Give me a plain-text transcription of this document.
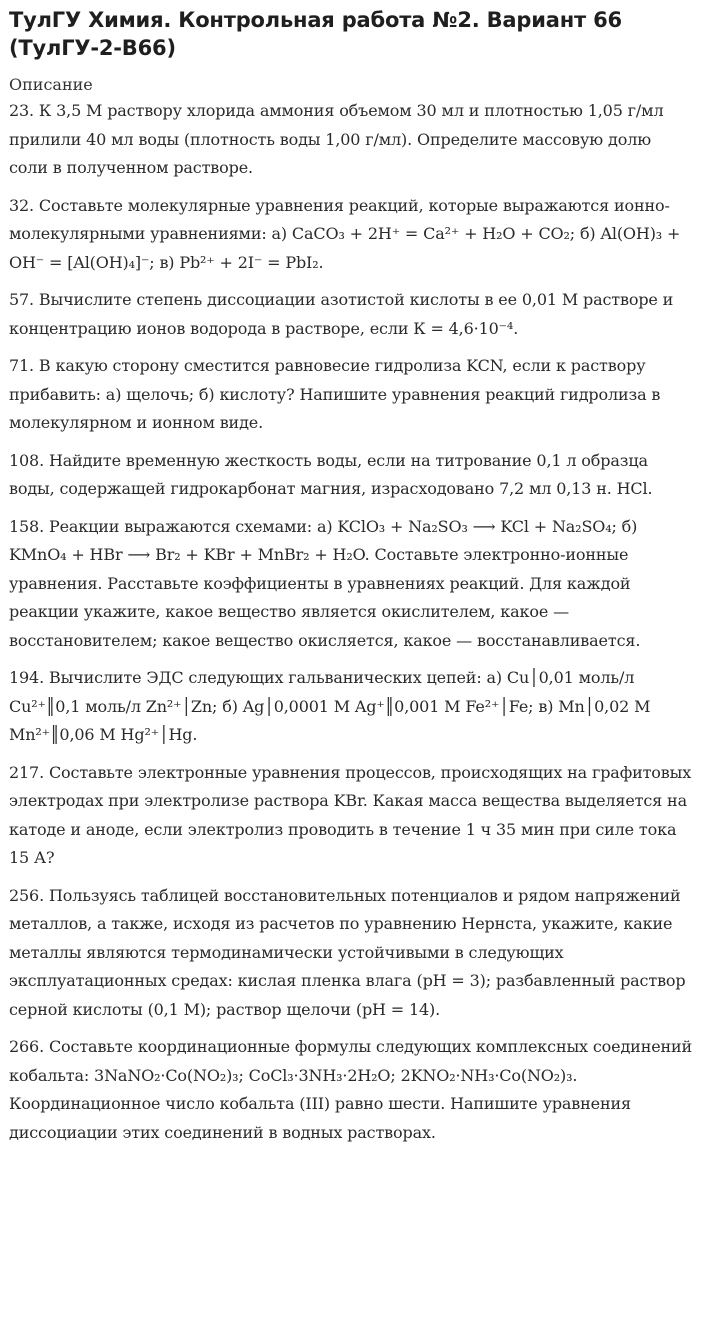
ТулГУ Химия. Контрольная работа №2. Вариант 66 (ТулГУ-2-В66)
Описание

23. К 3,5 М раствору хлорида аммония объемом 30 мл и плотностью 1,05 г/мл прилили 40 мл воды (плотность воды 1,00 г/мл). Определите массовую долю соли в полученном растворе.

32. Составьте молекулярные уравнения реакций, которые выражаются ионно-молекулярными уравнениями: а) CaCO₃ + 2H⁺ = Ca²⁺ + H₂O + CO₂; б) Al(OH)₃ + OH⁻ = [Al(OH)₄]⁻; в) Pb²⁺ + 2I⁻ = PbI₂.

57. Вычислите степень диссоциации азотистой кислоты в ее 0,01 М растворе и концентрацию ионов водорода в растворе, если К = 4,6·10⁻⁴.

71. В какую сторону сместится равновесие гидролиза KCN, если к раствору прибавить: а) щелочь; б) кислоту? Напишите уравнения реакций гидролиза в молекулярном и ионном виде.

108. Найдите временную жесткость воды, если на титрование 0,1 л образца воды, содержащей гидрокарбонат магния, израсходовано 7,2 мл 0,13 н. HCl.

158. Реакции выражаются схемами: а) KClO₃ + Na₂SO₃ ⟶ KCl + Na₂SO₄; б) KMnO₄ + HBr ⟶ Br₂ + KBr + MnBr₂ + H₂O. Составьте электронно-ионные уравнения. Расставьте коэффициенты в уравнениях реакций. Для каждой реакции укажите, какое вещество является окислителем, какое — восстановителем; какое вещество окисляется, какое — восстанавливается.

194. Вычислите ЭДС следующих гальванических цепей: а) Cu│0,01 моль/л Cu²⁺║0,1 моль/л Zn²⁺│Zn; б) Ag│0,0001 M Ag⁺║0,001 M Fe²⁺│Fe; в) Mn│0,02 M Mn²⁺║0,06 M Hg²⁺│Hg.

217. Составьте электронные уравнения процессов, происходящих на графитовых электродах при электролизе раствора KBr. Какая масса вещества выделяется на катоде и аноде, если электролиз проводить в течение 1 ч 35 мин при силе тока 15 А?

256. Пользуясь таблицей восстановительных потенциалов и рядом напряжений металлов, а также, исходя из расчетов по уравнению Нернста, укажите, какие металлы являются термодинамически устойчивыми в следующих эксплуатационных средах: кислая пленка влага (pH = 3); разбавленный раствор серной кислоты (0,1 М); раствор щелочи (pH = 14).

266. Составьте координационные формулы следующих комплексных соединений кобальта: 3NaNO₂·Co(NO₂)₃; CoCl₃·3NH₃·2H₂O; 2KNO₂·NH₃·Co(NO₂)₃. Координационное число кобальта (III) равно шести. Напишите уравнения диссоциации этих соединений в водных растворах.
